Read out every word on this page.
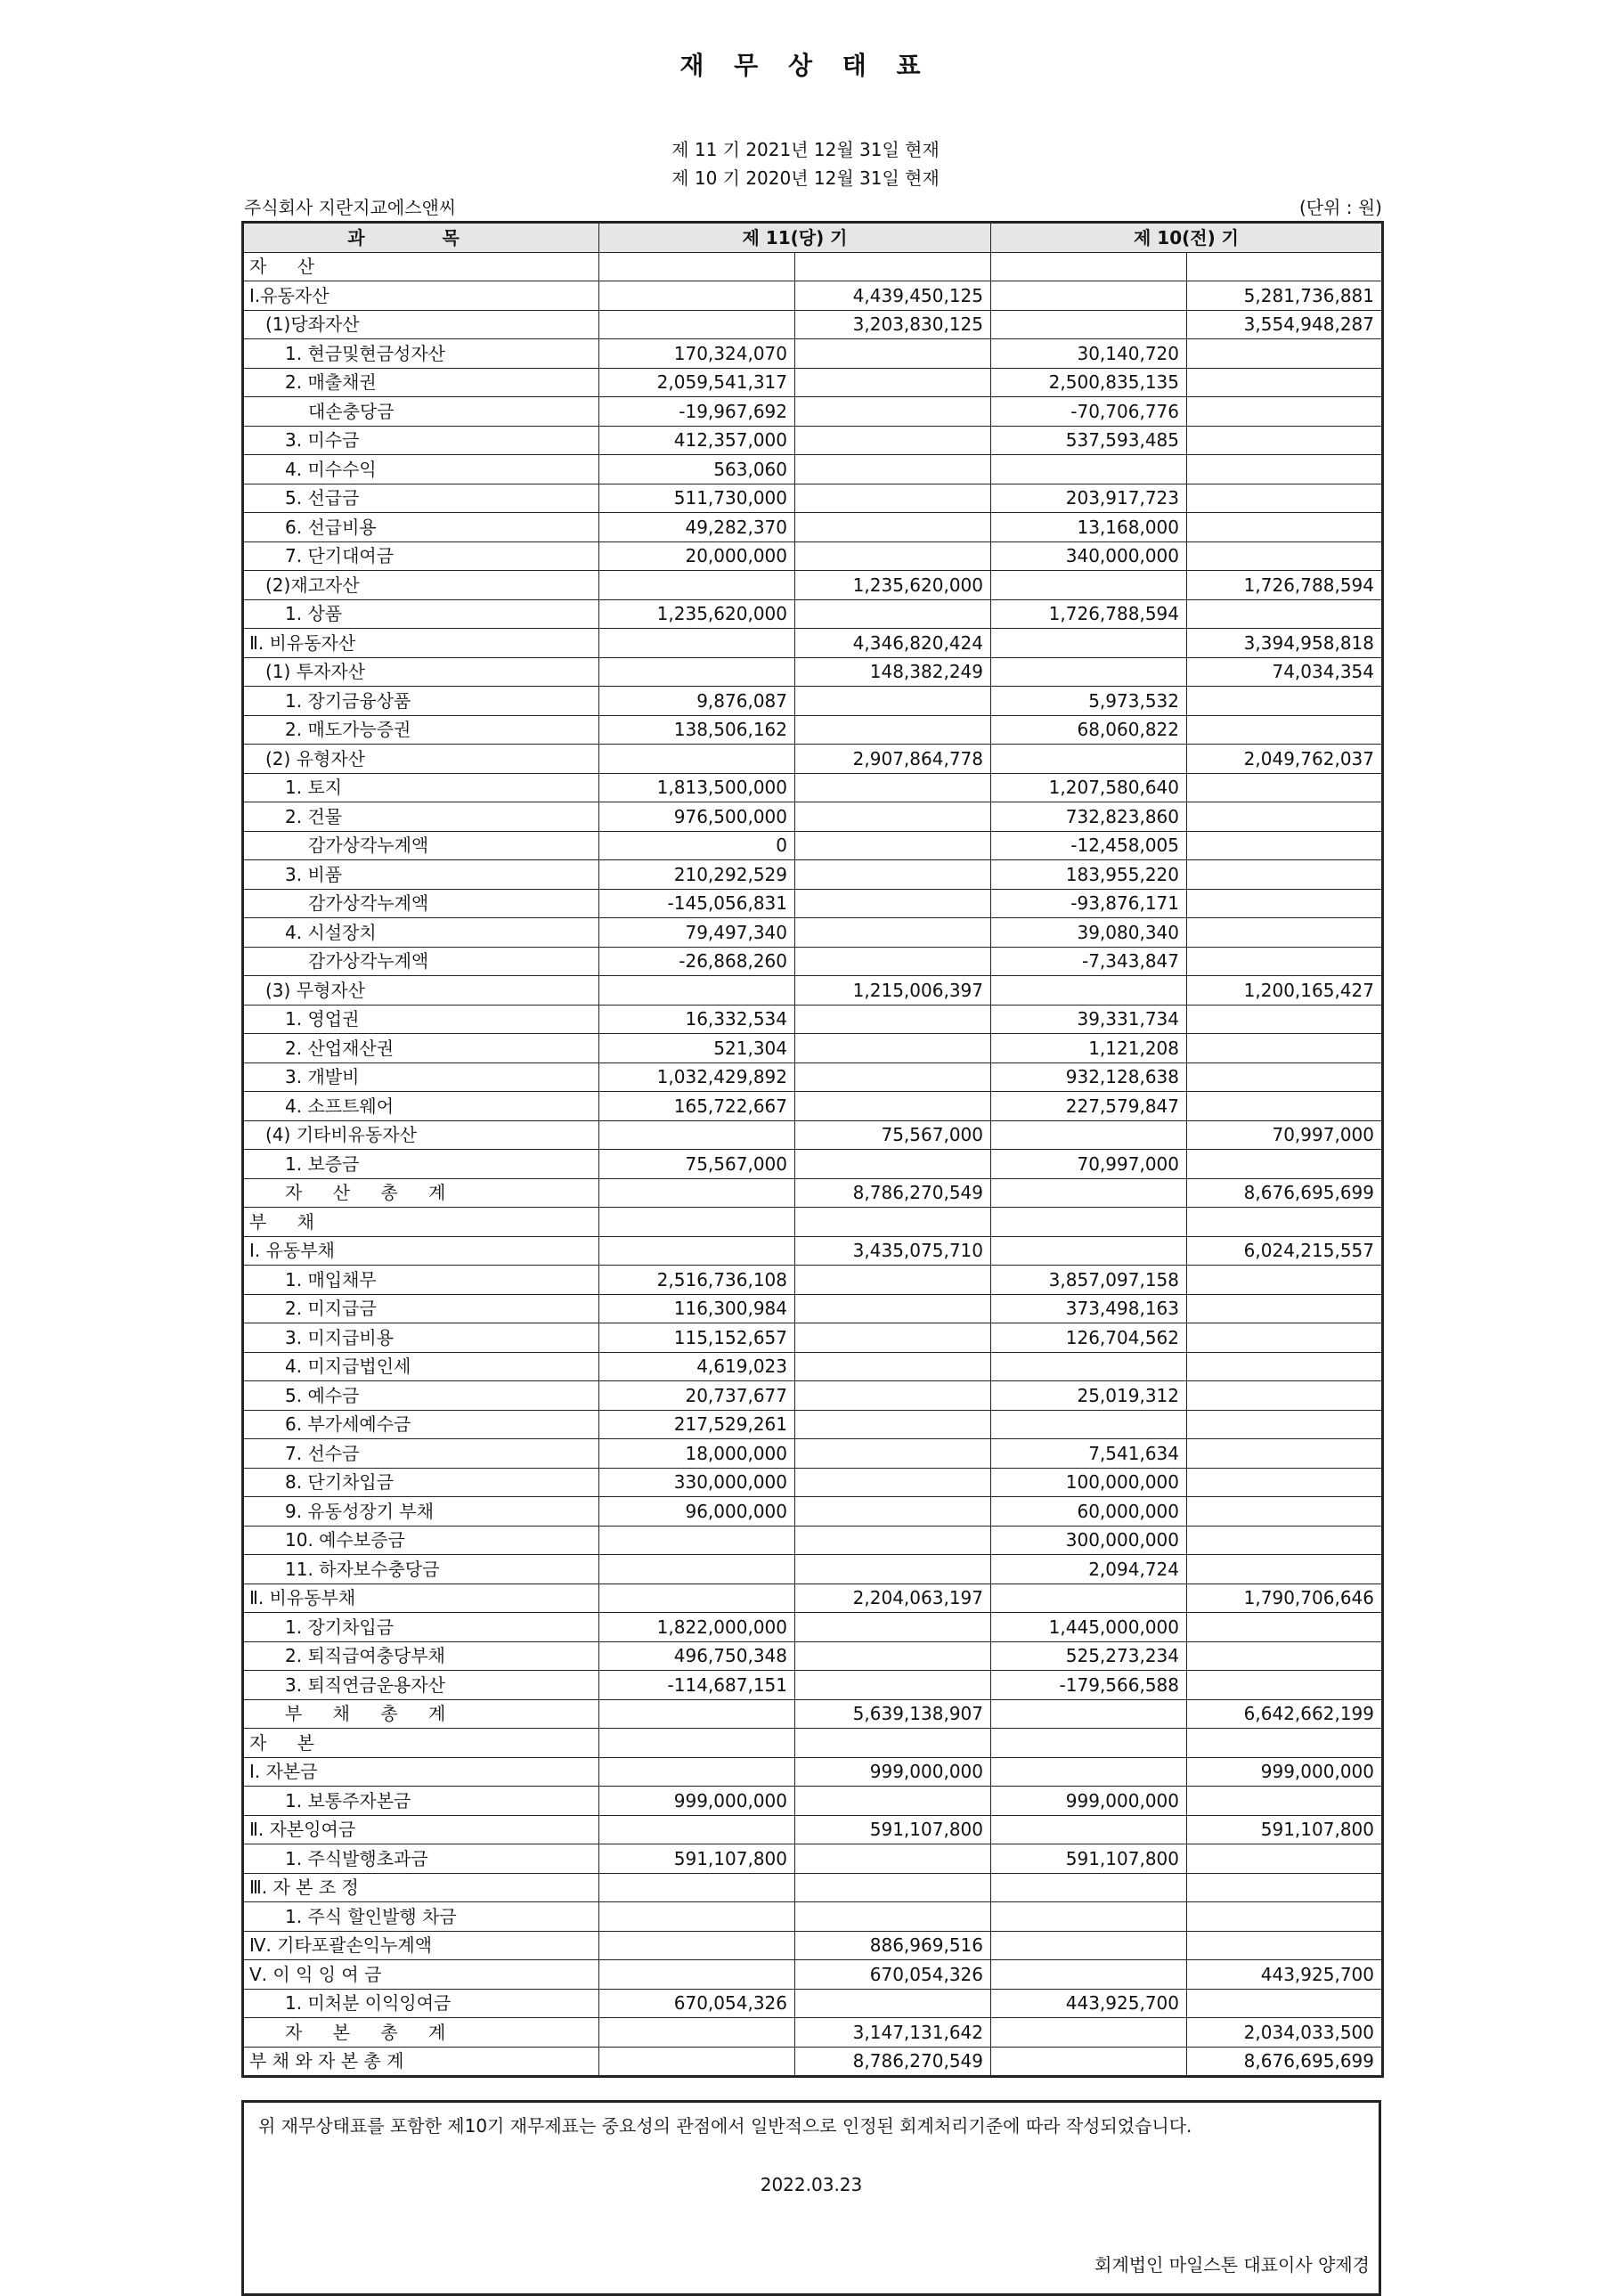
재 무 상 태 표
제 11 기 2021년 12월 31일 현재
제 10 기 2020년 12월 31일 현재
주식회사 지란지교에스앤씨	(단위 : 원)
과 목	제 11(당) 기		제 10(전) 기	
자 산				
Ⅰ.유동자산		4,439,450,125		5,281,736,881
(1)당좌자산		3,203,830,125		3,554,948,287
1. 현금및현금성자산	170,324,070		30,140,720	
2. 매출채권	2,059,541,317		2,500,835,135	
대손충당금	-19,967,692		-70,706,776	
3. 미수금	412,357,000		537,593,485	
4. 미수수익	563,060			
5. 선급금	511,730,000		203,917,723	
6. 선급비용	49,282,370		13,168,000	
7. 단기대여금	20,000,000		340,000,000	
(2)재고자산		1,235,620,000		1,726,788,594
1. 상품	1,235,620,000		1,726,788,594	
Ⅱ. 비유동자산		4,346,820,424		3,394,958,818
(1) 투자자산		148,382,249		74,034,354
1. 장기금융상품	9,876,087		5,973,532	
2. 매도가능증권	138,506,162		68,060,822	
(2) 유형자산		2,907,864,778		2,049,762,037
1. 토지	1,813,500,000		1,207,580,640	
2. 건물	976,500,000		732,823,860	
감가상각누계액	0		-12,458,005	
3. 비품	210,292,529		183,955,220	
감가상각누계액	-145,056,831		-93,876,171	
4. 시설장치	79,497,340		39,080,340	
감가상각누계액	-26,868,260		-7,343,847	
(3) 무형자산		1,215,006,397		1,200,165,427
1. 영업권	16,332,534		39,331,734	
2. 산업재산권	521,304		1,121,208	
3. 개발비	1,032,429,892		932,128,638	
4. 소프트웨어	165,722,667		227,579,847	
(4) 기타비유동자산		75,567,000		70,997,000
1. 보증금	75,567,000		70,997,000	
자 산 총 계		8,786,270,549		8,676,695,699
부 채				
Ⅰ. 유동부채		3,435,075,710		6,024,215,557
1. 매입채무	2,516,736,108		3,857,097,158	
2. 미지급금	116,300,984		373,498,163	
3. 미지급비용	115,152,657		126,704,562	
4. 미지급법인세	4,619,023			
5. 예수금	20,737,677		25,019,312	
6. 부가세예수금	217,529,261			
7. 선수금	18,000,000		7,541,634	
8. 단기차입금	330,000,000		100,000,000	
9. 유동성장기 부채	96,000,000		60,000,000	
10. 예수보증금			300,000,000	
11. 하자보수충당금			2,094,724	
Ⅱ. 비유동부채		2,204,063,197		1,790,706,646
1. 장기차입금	1,822,000,000		1,445,000,000	
2. 퇴직급여충당부채	496,750,348		525,273,234	
3. 퇴직연금운용자산	-114,687,151		-179,566,588	
부 채 총 계		5,639,138,907		6,642,662,199
자 본				
Ⅰ. 자본금		999,000,000		999,000,000
1. 보통주자본금	999,000,000		999,000,000	
Ⅱ. 자본잉여금		591,107,800		591,107,800
1. 주식발행초과금	591,107,800		591,107,800	
Ⅲ. 자 본 조 정				
1. 주식 할인발행 차금				
Ⅳ. 기타포괄손익누계액		886,969,516		
Ⅴ. 이 익 잉 여 금		670,054,326		443,925,700
1. 미처분 이익잉여금	670,054,326		443,925,700	
자 본 총 계		3,147,131,642		2,034,033,500
부 채 와 자 본 총 계		8,786,270,549		8,676,695,699
위 재무상태표를 포함한 제10기 재무제표는 중요성의 관점에서 일반적으로 인정된 회계처리기준에 따라 작성되었습니다.
2022.03.23
회계법인 마일스톤 대표이사 양제경
